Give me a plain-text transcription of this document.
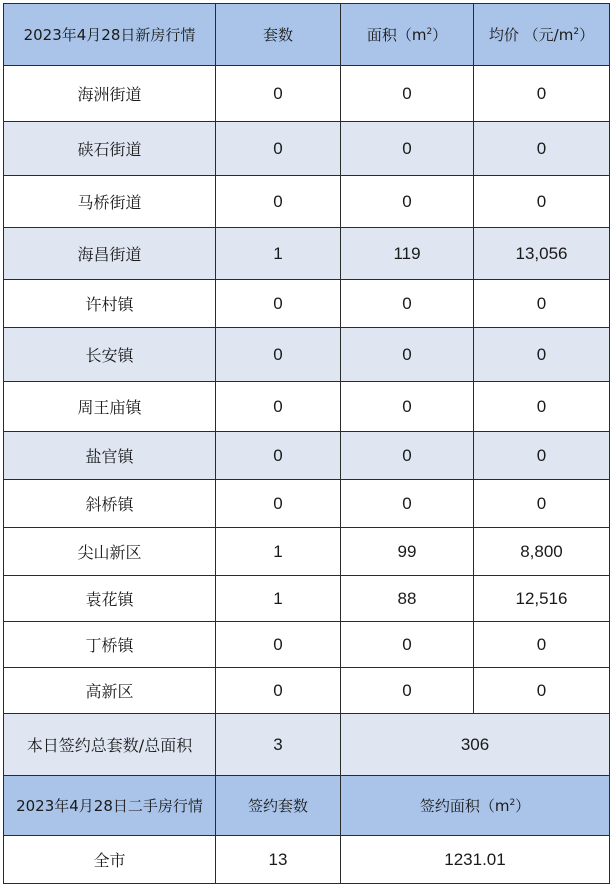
2023年4月28日新房行情	套数	面积$(m^2)$	均价 （元$/m^2$）
海洲街道	0	0	0
硖石街道	0	0	0
马桥街道	0	0	0
海昌街道	1	119	13,056
许村镇	0	0	0
长安镇	0	0	0
周王庙镇	0	0	0
盐官镇	0	0	0
斜桥镇	0	0	0
尖山新区	1	99	8,800
袁花镇	1	88	12,516
丁桥镇	0	0	0
高新区	0	0	0
本日签约总套数/总面积	3	306	
2023年4月28日二手房行情	签约套数	签约面积$(m^2)$	
全市	13	1231.01	
